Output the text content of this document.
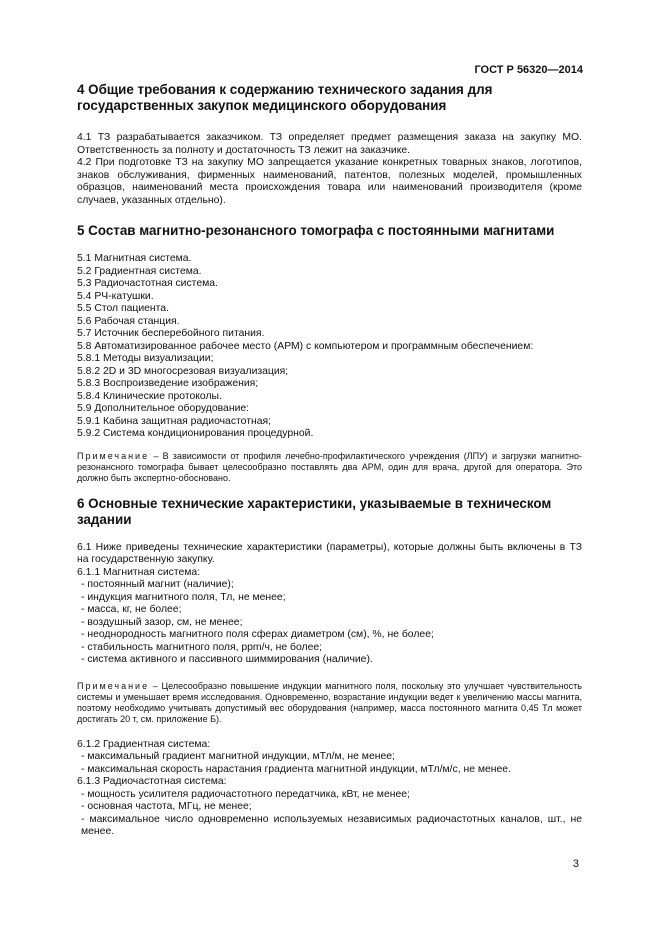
ГОСТ Р 56320—2014
4 Общие требования к содержанию технического задания для
государственных закупок медицинского оборудования

4.1 ТЗ разрабатывается заказчиком. ТЗ определяет предмет размещения заказа на закупку МО. Ответственность за полноту и достаточность ТЗ лежит на заказчике.

4.2 При подготовке ТЗ на закупку МО запрещается указание конкретных товарных знаков, логотипов, знаков обслуживания, фирменных наименований, патентов, полезных моделей, промышленных образцов, наименований места происхождения товара или наименований производителя (кроме случаев, указанных отдельно).

5 Состав магнитно-резонансного томографа с постоянными магнитами
5.1 Магнитная система.
5.2 Градиентная система.
5.3 Радиочастотная система.
5.4 РЧ-катушки.
5.5 Стол пациента.
5.6 Рабочая станция.
5.7 Источник бесперебойного питания.
5.8 Автоматизированное рабочее место (АРМ) с компьютером и программным обеспечением:
5.8.1 Методы визуализации;
5.8.2 2D и 3D многосрезовая визуализация;
5.8.3 Воспроизведение изображения;
5.8.4 Клинические протоколы.
5.9 Дополнительное оборудование:
5.9.1 Кабина защитная радиочастотная;
5.9.2 Система кондиционирования процедурной.

Примечание – В зависимости от профиля лечебно-профилактического учреждения (ЛПУ) и загрузки магнитно-резонансного томографа бывает целесообразно поставлять два АРМ, один для врача, другой для оператора. Это должно быть экспертно-обосновано.

6 Основные технические характеристики, указываемые в техническом
задании

6.1 Ниже приведены технические характеристики (параметры), которые должны быть включены в ТЗ на государственную закупку.

6.1.1 Магнитная система:
- постоянный магнит (наличие);
- индукция магнитного поля, Тл, не менее;
- масса, кг, не более;
- воздушный зазор, см, не менее;
- неоднородность магнитного поля сферах диаметром (см), %, не более;
- стабильность магнитного поля, ppm/ч, не более;
- система активного и пассивного шиммирования (наличие).

Примечание – Целесообразно повышение индукции магнитного поля, поскольку это улучшает чувствительность системы и уменьшает время исследования. Одновременно, возрастание индукции ведет к увеличению массы магнита, поэтому необходимо учитывать допустимый вес оборудования (например, масса постоянного магнита 0,45 Тл может достигать 20 т, см. приложение Б).

6.1.2 Градиентная система:
- максимальный градиент магнитной индукции, мТл/м, не менее;
- максимальная скорость нарастания градиента магнитной индукции, мТл/м/с, не менее.
6.1.3 Радиочастотная система:
- мощность усилителя радиочастотного передатчика, кВт, не менее;
- основная частота, МГц, не менее;

- максимальное число одновременно используемых независимых радиочастотных каналов, шт., не менее.

3
